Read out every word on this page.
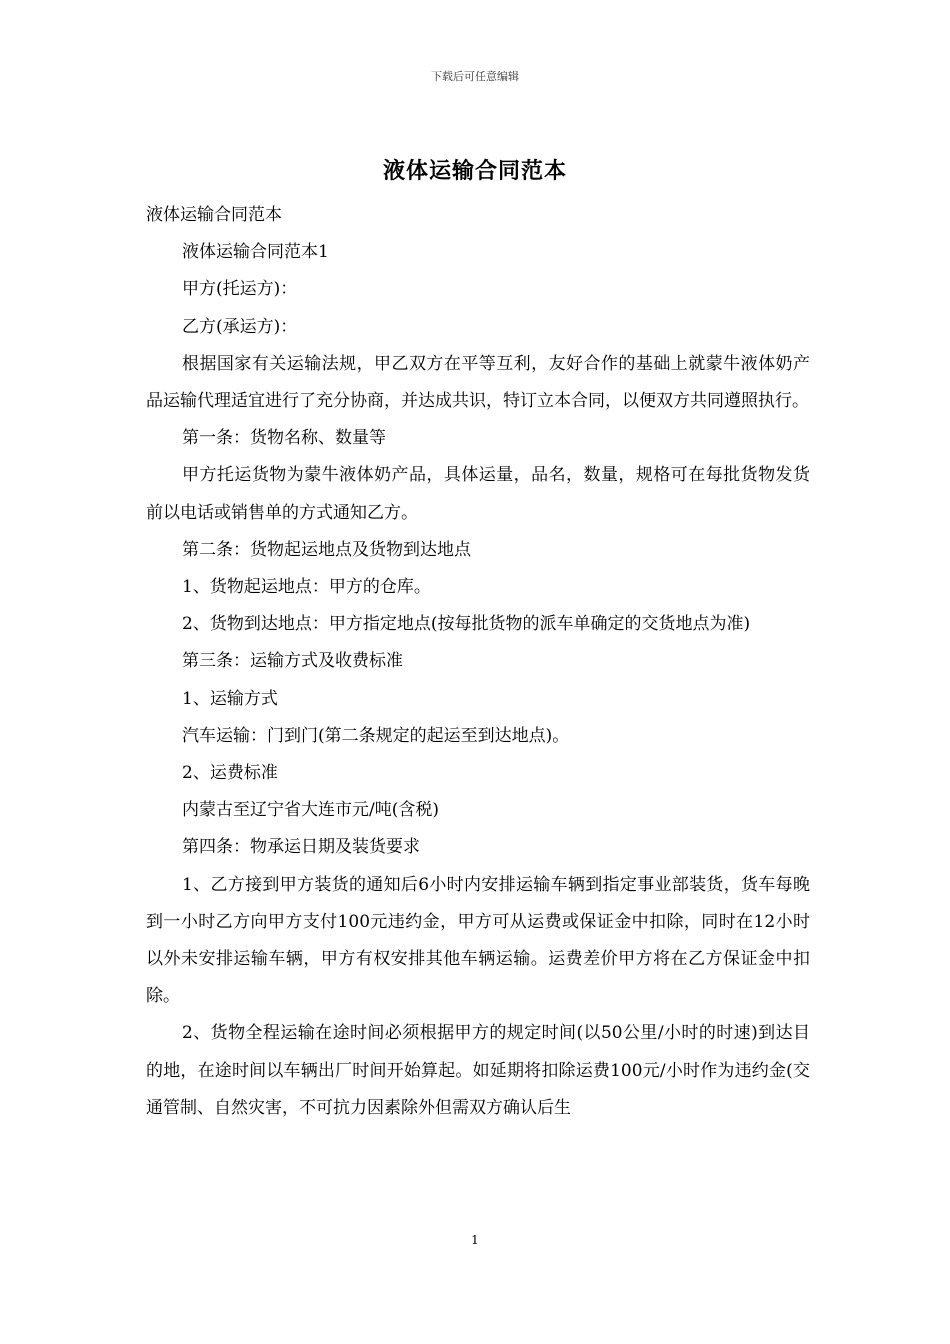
下载后可任意编辑
液体运输合同范本

液体运输合同范本

液体运输合同范本1

甲方(托运方)：

乙方(承运方)：

根据国家有关运输法规，甲乙双方在平等互利，友好合作的基础上就蒙牛液体奶产品运输代理适宜进行了充分协商，并达成共识，特订立本合同，以便双方共同遵照执行。

第一条：货物名称、数量等

甲方托运货物为蒙牛液体奶产品，具体运量，品名，数量，规格可在每批货物发货前以电话或销售单的方式通知乙方。

第二条：货物起运地点及货物到达地点

1、货物起运地点：甲方的仓库。

2、货物到达地点：甲方指定地点(按每批货物的派车单确定的交货地点为准)

第三条：运输方式及收费标准

1、运输方式

汽车运输：门到门(第二条规定的起运至到达地点)。

2、运费标准

内蒙古至辽宁省大连市元/吨(含税)

第四条：物承运日期及装货要求

1、乙方接到甲方装货的通知后6小时内安排运输车辆到指定事业部装货，货车每晚到一小时乙方向甲方支付100元违约金，甲方可从运费或保证金中扣除，同时在12小时以外未安排运输车辆，甲方有权安排其他车辆运输。运费差价甲方将在乙方保证金中扣除。

2、货物全程运输在途时间必须根据甲方的规定时间(以50公里/小时的时速)到达目的地，在途时间以车辆出厂时间开始算起。如延期将扣除运费100元/小时作为违约金(交通管制、自然灾害，不可抗力因素除外但需双方确认后生

1
